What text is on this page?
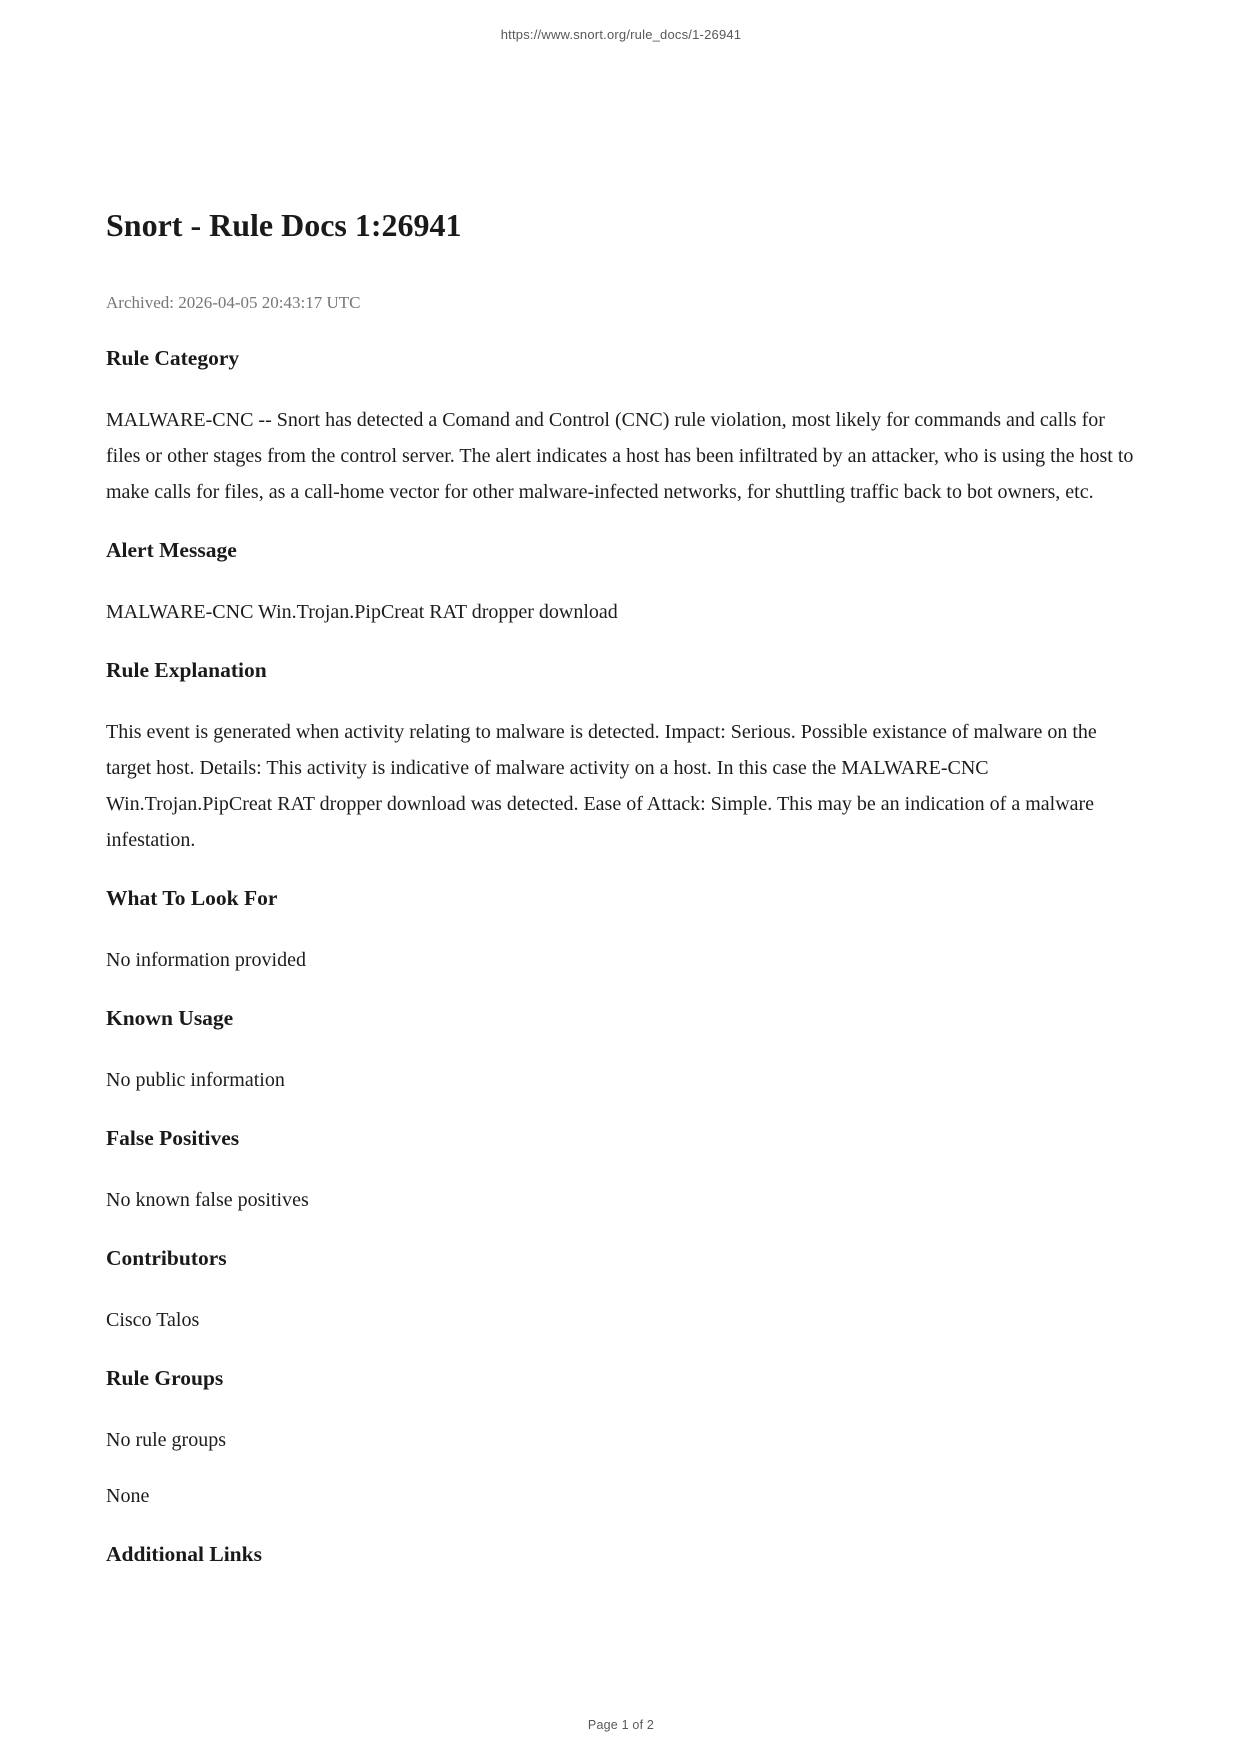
https://www.snort.org/rule_docs/1-26941
Snort - Rule Docs 1:26941

Archived: 2026-04-05 20:43:17 UTC

Rule Category

MALWARE-CNC -- Snort has detected a Comand and Control (CNC) rule violation, most likely for commands and calls for files or other stages from the control server. The alert indicates a host has been infiltrated by an attacker, who is using the host to make calls for files, as a call-home vector for other malware-infected networks, for shuttling traffic back to bot owners, etc.

Alert Message

MALWARE-CNC Win.Trojan.PipCreat RAT dropper download

Rule Explanation

This event is generated when activity relating to malware is detected. Impact: Serious. Possible existance of malware on the target host. Details: This activity is indicative of malware activity on a host. In this case the MALWARE-CNC Win.Trojan.PipCreat RAT dropper download was detected. Ease of Attack: Simple. This may be an indication of a malware infestation.

What To Look For

No information provided

Known Usage

No public information

False Positives

No known false positives

Contributors

Cisco Talos

Rule Groups

No rule groups

None

Additional Links
Page 1 of 2
